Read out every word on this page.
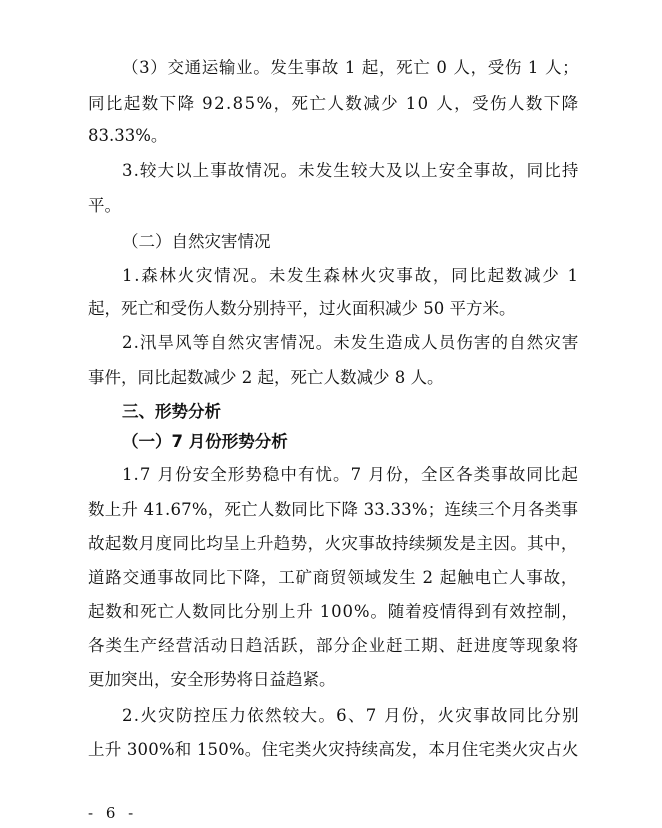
（3）交通运输业。发生事故 1 起，死亡 0 人，受伤 1 人；
同比起数下降 92.85%，死亡人数减少 10 人，受伤人数下降
83.33%。
3.较大以上事故情况。未发生较大及以上安全事故，同比持
平。
（二）自然灾害情况
1.森林火灾情况。未发生森林火灾事故，同比起数减少 1
起，死亡和受伤人数分别持平，过火面积减少 50 平方米。
2.汛旱风等自然灾害情况。未发生造成人员伤害的自然灾害
事件，同比起数减少 2 起，死亡人数减少 8 人。
三、形势分析
（一）7 月份形势分析
1.7 月份安全形势稳中有忧。7 月份，全区各类事故同比起
数上升 41.67%，死亡人数同比下降 33.33%；连续三个月各类事
故起数月度同比均呈上升趋势，火灾事故持续频发是主因。其中，
道路交通事故同比下降，工矿商贸领域发生 2 起触电亡人事故，
起数和死亡人数同比分别上升 100%。随着疫情得到有效控制，
各类生产经营活动日趋活跃，部分企业赶工期、赶进度等现象将
更加突出，安全形势将日益趋紧。
2.火灾防控压力依然较大。6、7 月份，火灾事故同比分别
上升 300%和 150%。住宅类火灾持续高发，本月住宅类火灾占火
- 6 -
